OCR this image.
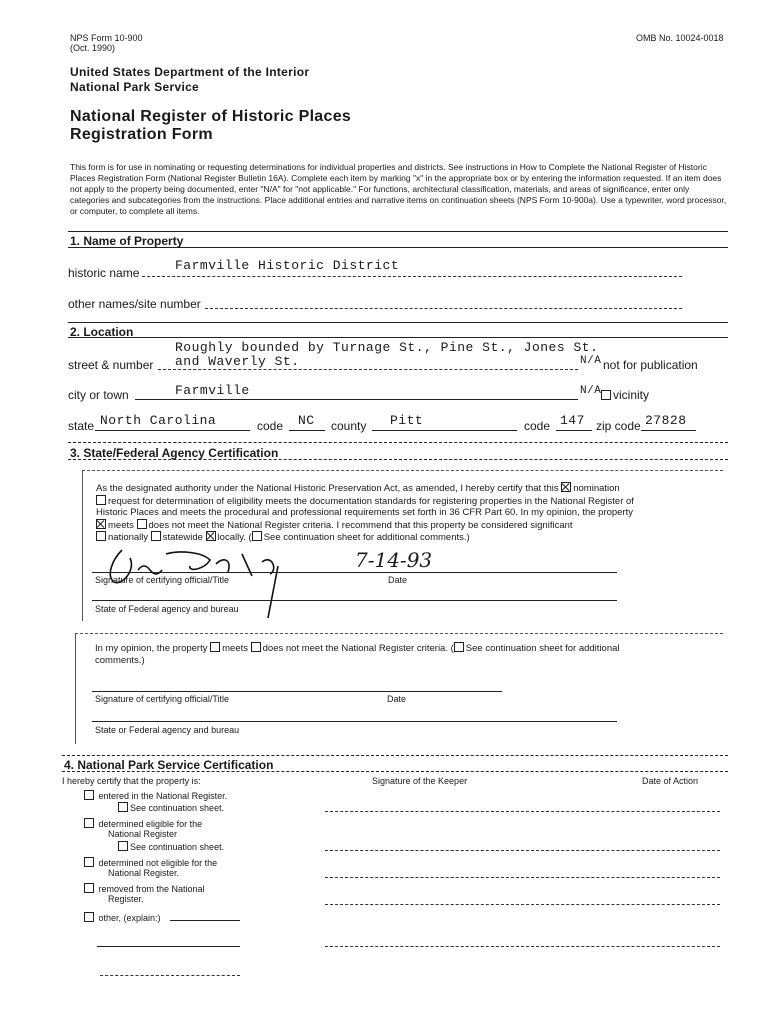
NPS Form 10-900
(Oct. 1990)
OMB No. 10024-0018
United States Department of the Interior
National Park Service
National Register of Historic Places
Registration Form
This form is for use in nominating or requesting determinations for individual properties and districts. See instructions in How to Complete the National Register of Historic Places Registration Form (National Register Bulletin 16A). Complete each item by marking "x" in the appropriate box or by entering the information requested. If an item does not apply to the property being documented, enter "N/A" for "not applicable." For functions, architectural classification, materials, and areas of significance, enter only categories and subcategories from the instructions. Place additional entries and narrative items on continuation sheets (NPS Form 10-900a). Use a typewriter, word processor, or computer, to complete all items.
1. Name of Property
historic name	Farmville Historic District
other names/site number
2. Location
Roughly bounded by Turnage St., Pine St., Jones St.
street & number and Waverly St.	N/A not for publication
city or town	Farmville	N/A vicinity
state North Carolina	code NC county Pitt	code 147 zip code 27828
3. State/Federal Agency Certification
As the designated authority under the National Historic Preservation Act, as amended, I hereby certify that this nomination
request for determination of eligibility meets the documentation standards for registering properties in the National Register of
Historic Places and meets the procedural and professional requirements set forth in 36 CFR Part 60. In my opinion, the property
meets does not meet the National Register criteria. I recommend that this property be considered significant
nationally statewide locally. ( See continuation sheet for additional comments.)
7-14-93
Signature of certifying official/Title	Date
State of Federal agency and bureau
In my opinion, the property meets does not meet the National Register criteria. ( See continuation sheet for additional
comments.)
Signature of certifying official/Title	Date
State or Federal agency and bureau
4. National Park Service Certification
I hereby certify that the property is:	Signature of the Keeper	Date of Action
entered in the National Register.
See continuation sheet.
determined eligible for the
National Register
See continuation sheet.
determined not eligible for the
National Register.
removed from the National
Register.
other, (explain:)
